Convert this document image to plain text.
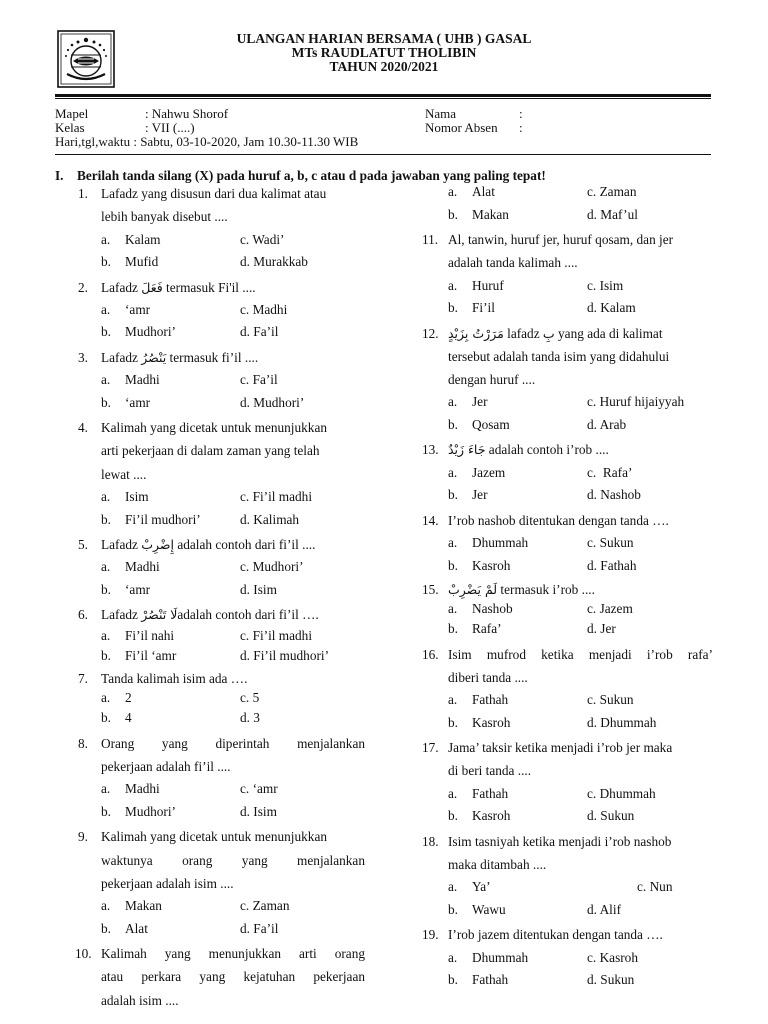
ULANGAN HARIAN BERSAMA ( UHB ) GASAL
MTs RAUDLATUT THOLIBIN
TAHUN 2020/2021
Mapel	: Nahwu Shorof
Kelas	: VII (....)
Hari,tgl,waktu : Sabtu, 03-10-2020, Jam 10.30-11.30 WIB
Nama	:
Nomor Absen :
I. Berilah tanda silang (X) pada huruf a, b, c atau d pada jawaban yang paling tepat!
1. Lafadz yang disusun dari dua kalimat atau
lebih banyak disebut ....
a. Kalam	c. Wadi’
b. Mufid	d. Murakkab
2. Lafadz فَعَلَ termasuk Fi'il ....
a. ‘amr	c. Madhi
b. Mudhori’	d. Fa’il
3. Lafadz يَنْصُرُ termasuk fi’il ....
a. Madhi	c. Fa’il
b. ‘amr	d. Mudhori’
4. Kalimah yang dicetak untuk menunjukkan
arti pekerjaan di dalam zaman yang telah
lewat ....
a. Isim	c. Fi’il madhi
b. Fi’il mudhori’	d. Kalimah
5. Lafadz إِضْرِبْ adalah contoh dari fi’il ....
a. Madhi	c. Mudhori’
b. ‘amr	d. Isim
6. Lafadz لَا تَنْصُرْadalah contoh dari fi’il ….
a. Fi’il nahi	c. Fi’il madhi
b. Fi’il ‘amr	d. Fi’il mudhori’
7. Tanda kalimah isim ada ….
a. 2	c. 5
b. 4	d. 3
8. Orang yang diperintah menjalankan
pekerjaan adalah fi’il ....
a. Madhi	c. ‘amr
b. Mudhori’	d. Isim
9. Kalimah yang dicetak untuk menunjukkan
waktunya orang yang menjalankan
pekerjaan adalah isim ....
a. Makan	c. Zaman
b. Alat	d. Fa’il
10. Kalimah yang menunjukkan arti orang
atau perkara yang kejatuhan pekerjaan
adalah isim ....
a. Alat	c. Zaman
b. Makan	d. Maf’ul
11. Al, tanwin, huruf jer, huruf qosam, dan jer
adalah tanda kalimah ....
a. Huruf	c. Isim
b. Fi’il	d. Kalam
12. مَرَرْتُ بِزَيْدٍ lafadz بِ yang ada di kalimat
tersebut adalah tanda isim yang didahului
dengan huruf ....
a. Jer	c. Huruf hijaiyyah
b. Qosam	d. Arab
13. جَاءَ زَيْدٌ adalah contoh i’rob ....
a. Jazem	c.  Rafa’
b. Jer	d. Nashob
14. I’rob nashob ditentukan dengan tanda ….
a. Dhummah	c. Sukun
b. Kasroh	d. Fathah
15. لَمْ يَضْرِبْ termasuk i’rob ....
a. Nashob	c. Jazem
b. Rafa’	d. Jer
16. Isim mufrod ketika menjadi i’rob rafa’
diberi tanda ....
a. Fathah	c. Sukun
b. Kasroh	d. Dhummah
17. Jama’ taksir ketika menjadi i’rob jer maka
di beri tanda ....
a. Fathah	c. Dhummah
b. Kasroh	d. Sukun
18. Isim tasniyah ketika menjadi i’rob nashob
maka ditambah ....
a. Ya’	c. Nun
b. Wawu	d. Alif
19. I’rob jazem ditentukan dengan tanda ….
a. Dhummah	c. Kasroh
b. Fathah	d. Sukun
